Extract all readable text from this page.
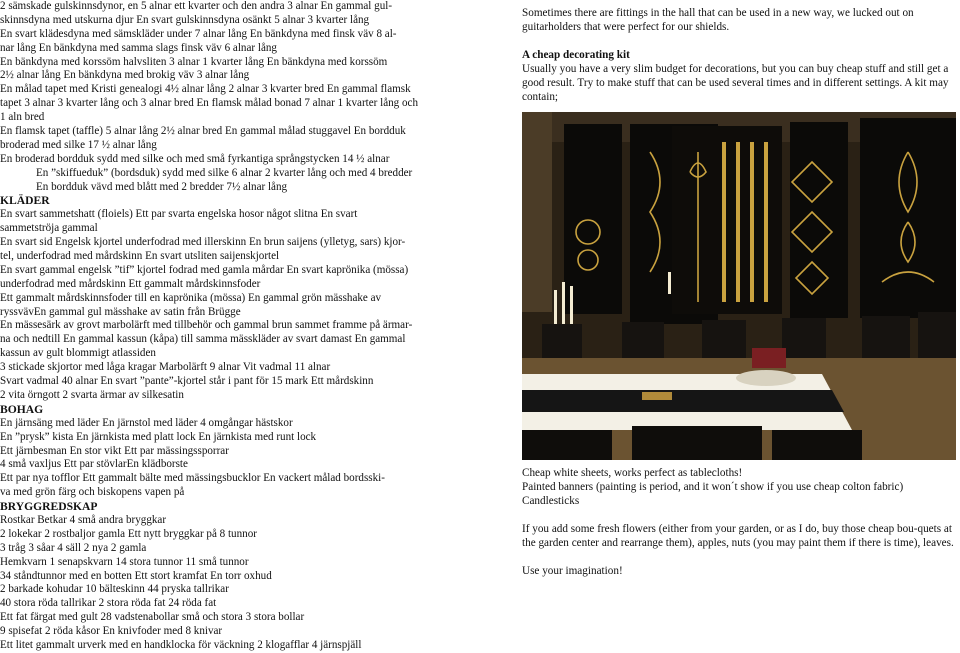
2 sämskade gulskinnsdynor, en 5 alnar ett kvarter och den andra 3 alnar En gammal gul-
skinnsdyna med utskurna djur En svart gulskinnsdyna osänkt 5 alnar 3 kvarter lång
En svart klädesdyna med sämskläder under 7 alnar lång En bänkdyna med finsk väv 8 al-
nar lång En bänkdyna med samma slags finsk väv 6 alnar lång
En bänkdyna med korssöm halvsliten 3 alnar 1 kvarter lång En bänkdyna med korssöm
2½ alnar lång En bänkdyna med brokig väv 3 alnar lång
En målad tapet med Kristi genealogi 4½ alnar lång 2 alnar 3 kvarter bred En gammal flamsk
tapet 3 alnar 3 kvarter lång och 3 alnar bred En flamsk målad bonad 7 alnar 1 kvarter lång och
1 aln bred
En flamsk tapet (taffle) 5 alnar lång 2½ alnar bred En gammal målad stuggavel En bordduk
broderad med silke 17 ½ alnar lång
En broderad bordduk sydd med silke och med små fyrkantiga språngstycken 14 ½ alnar
En ”skiffueduk” (bordsduk) sydd med silke 6 alnar 2 kvarter lång och med 4 bredder
En bordduk vävd med blått med 2 bredder 7½ alnar lång
KLÄDER
En svart sammetshatt (floiels) Ett par svarta engelska hosor något slitna En svart
sammetströja gammal
En svart sid Engelsk kjortel underfodrad med illerskinn En brun saijens (ylletyg, sars) kjor-
tel, underfodrad med mårdskinn En svart utsliten saijenskjortel
En svart gammal engelsk ”tif” kjortel fodrad med gamla mårdar En svart kaprönika (mössa)
underfodrad med mårdskinn Ett gammalt mårdskinnsfoder
Ett gammalt mårdskinnsfoder till en kaprönika (mössa) En gammal grön mässhake av
ryssvävEn gammal gul mässhake av satin från Brügge
En mässesärk av grovt marbolärft med tillbehör och gammal brun sammet framme på ärmar-
na och nedtill En gammal kassun (kåpa) till samma mässkläder av svart damast En gammal
kassun av gult blommigt atlassiden
3 stickade skjortor med låga kragar Marbolärft 9 alnar Vit vadmal 11 alnar
Svart vadmal 40 alnar En svart ”pante”-kjortel står i pant för 15 mark Ett mårdskinn
2 vita örngott 2 svarta ärmar av silkesatin
BOHAG
En järnsäng med läder En järnstol med läder 4 omgångar hästskor
En ”prysk” kista En järnkista med platt lock En järnkista med runt lock
Ett järnbesman En stor vikt Ett par mässingssporrar
4 små vaxljus Ett par stövlarEn klädborste
Ett par nya tofflor Ett gammalt bälte med mässingsbucklor En vackert målad bordsski-
va med grön färg och biskopens vapen på
BRYGGREDSKAP
Rostkar Betkar 4 små andra bryggkar
2 lokekar 2 rostbaljor gamla Ett nytt bryggkar på 8 tunnor
3 tråg 3 såar 4 säll 2 nya 2 gamla
Hemkvarn 1 senapskvarn 14 stora tunnor 11 små tunnor
34 ståndtunnor med en botten Ett stort kramfat En torr oxhud
2 barkade kohudar 10 bälteskinn 44 pryska tallrikar
40 stora röda tallrikar 2 stora röda fat 24 röda fat
Ett fat färgat med gult 28 vadstenabollar små och stora 3 stora bollar
9 spisefat 2 röda kåsor En knivfoder med 8 knivar
Ett litet gammalt urverk med en handklocka för väckning 2 klogafflar 4 järnspjäll

Sometimes there are fittings in the hall that can be used in a new way, we lucked out on guitarholders that were perfect for our shields.

A cheap decorating kit

Usually you have a very slim budget for decorations, but you can buy cheap stuff and still get a good result. Try to make stuff that can be used several times and in different settings. A kit may contain;

Cheap white sheets, works perfect as tablecloths!

Painted banners (painting is period, and it won´t show if you use cheap colton fabric)

Candlesticks

If you add some fresh flowers (either from your garden, or as I do, buy those cheap bou-quets at the garden center and rearrange them), apples, nuts (you may paint them if there is time), leaves.

Use your imagination!
